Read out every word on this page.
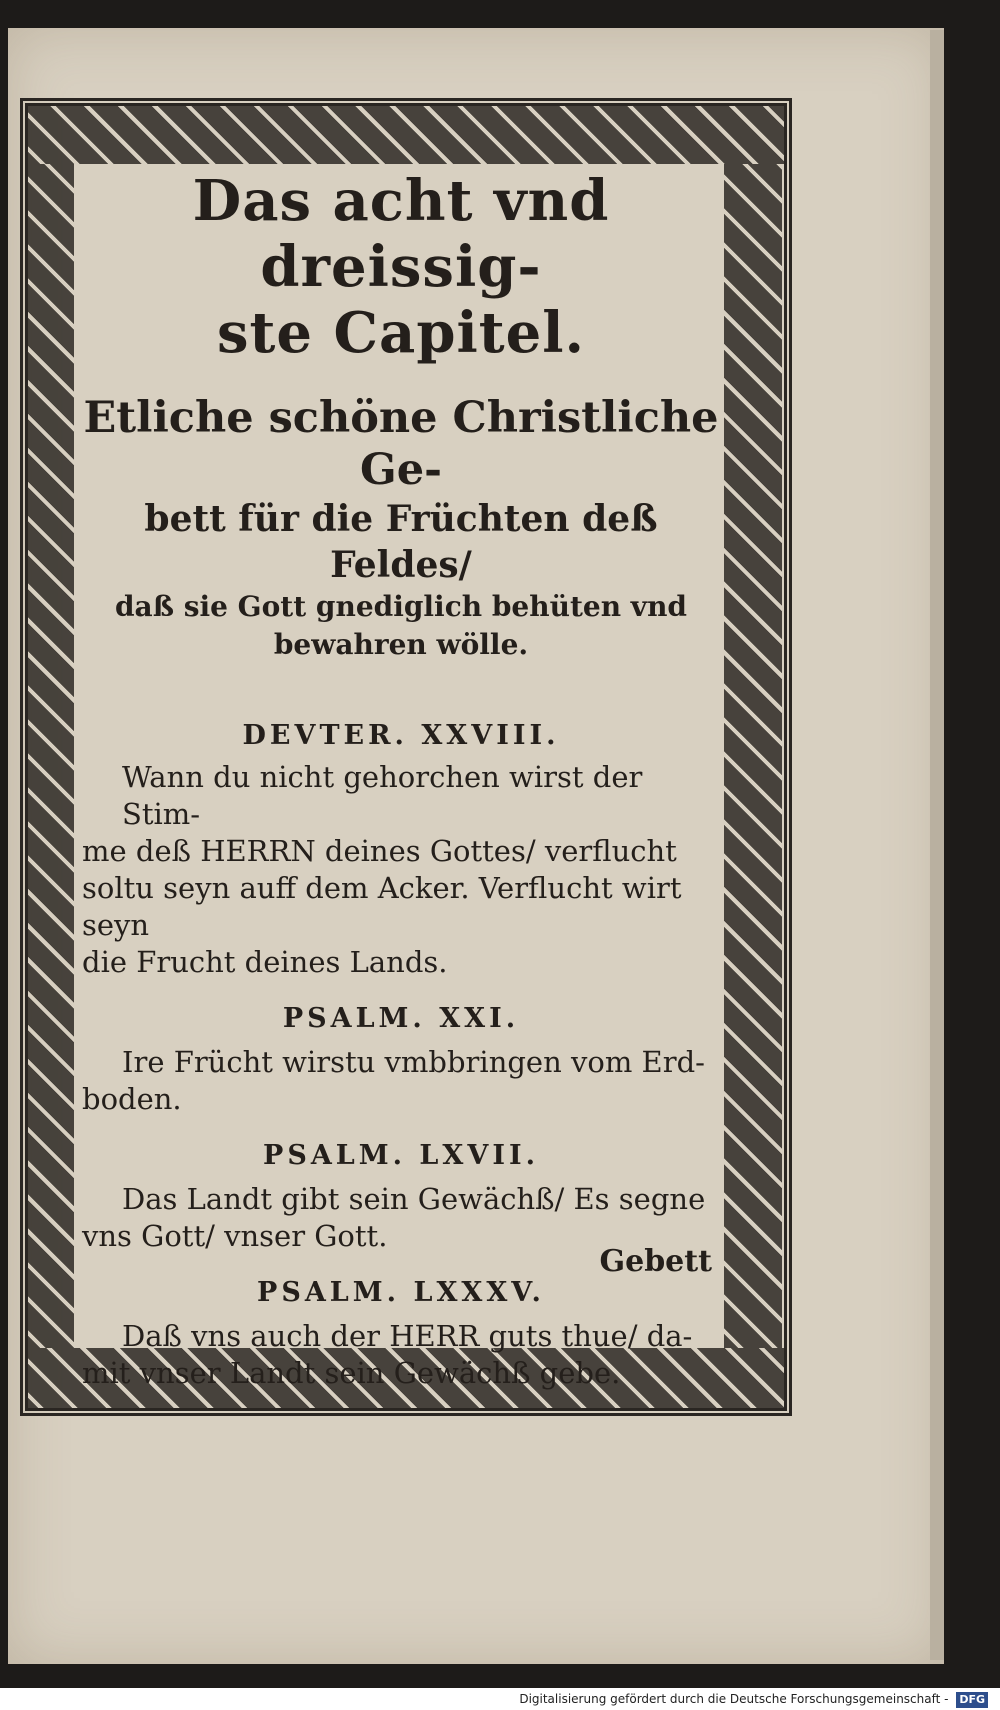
Das acht vnd dreissig-
ste Capitel.

Etliche schöne Christliche Ge-
bett für die Früchten deß Feldes/
daß sie Gott gnediglich behüten vnd
bewahren wölle.

DEVTER. XXVIII.

Wann du nicht gehorchen wirst der Stim-
me deß HERRN deines Gottes/ verflucht
soltu seyn auff dem Acker. Verflucht wirt seyn
die Frucht deines Lands.

PSALM. XXI.

Ire Frücht wirstu vmbbringen vom Erd-
boden.

PSALM. LXVII.

Das Landt gibt sein Gewächß/ Es segne
vns Gott/ vnser Gott.

PSALM. LXXXV.

Daß vns auch der HERR guts thue/ da-
mit vnser Landt sein Gewächß gebe.

Gebett
Digitalisierung gefördert durch die Deutsche Forschungsgemeinschaft - DFG
